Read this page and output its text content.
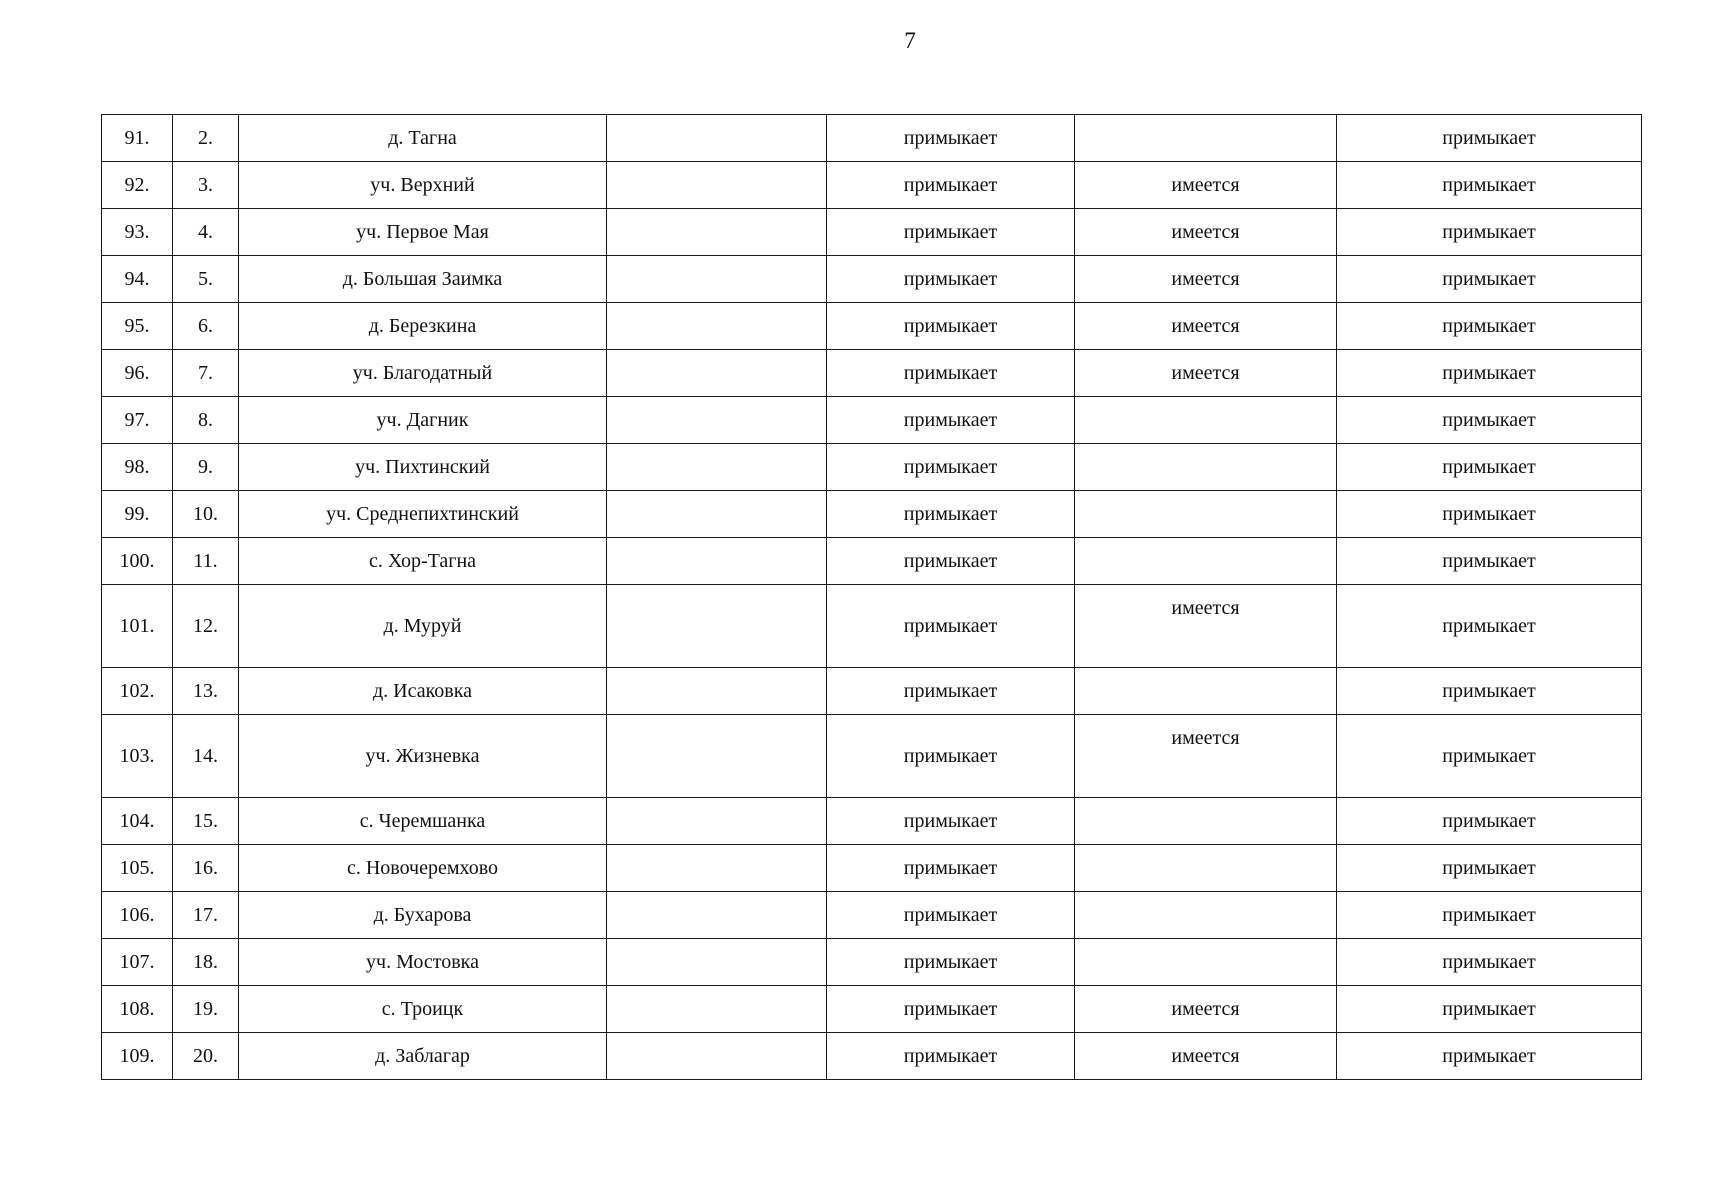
7
91.	2.	д. Тагна		примыкает		примыкает
92.	3.	уч. Верхний		примыкает	имеется	примыкает
93.	4.	уч. Первое Мая		примыкает	имеется	примыкает
94.	5.	д. Большая Заимка		примыкает	имеется	примыкает
95.	6.	д. Березкина		примыкает	имеется	примыкает
96.	7.	уч. Благодатный		примыкает	имеется	примыкает
97.	8.	уч. Дагник		примыкает		примыкает
98.	9.	уч. Пихтинский		примыкает		примыкает
99.	10.	уч. Среднепихтинский		примыкает		примыкает
100.	11.	с. Хор-Тагна		примыкает		примыкает
101.	12.	д. Муруй		примыкает	имеется	примыкает
102.	13.	д. Исаковка		примыкает		примыкает
103.	14.	уч. Жизневка		примыкает	имеется	примыкает
104.	15.	с. Черемшанка		примыкает		примыкает
105.	16.	с. Новочеремхово		примыкает		примыкает
106.	17.	д. Бухарова		примыкает		примыкает
107.	18.	уч. Мостовка		примыкает		примыкает
108.	19.	с. Троицк		примыкает	имеется	примыкает
109.	20.	д. Заблагар		примыкает	имеется	примыкает
